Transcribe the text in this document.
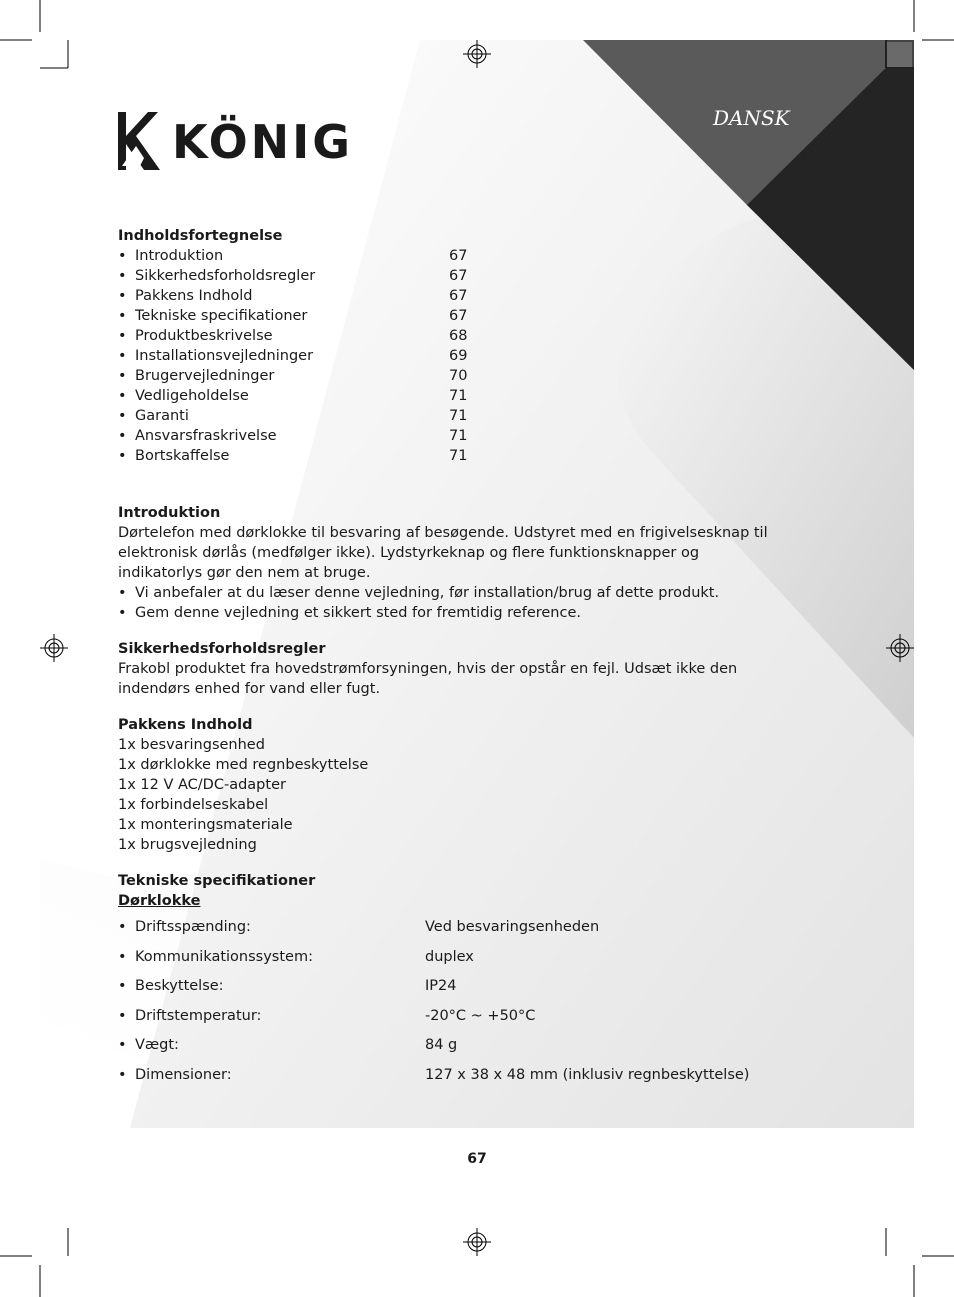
KÖNIG	DANSK

Indholdsfortegnelse

• Introduktion	67
• Sikkerhedsforholdsregler	67
• Pakkens Indhold	67
• Tekniske specifikationer	67
• Produktbeskrivelse	68
• Installationsvejledninger	69
• Brugervejledninger	70
• Vedligeholdelse	71
• Garanti	71
• Ansvarsfraskrivelse	71
• Bortskaffelse	71

Introduktion

Dørtelefon med dørklokke til besvaring af besøgende. Udstyret med en frigivelsesknap til elektronisk dørlås (medfølger ikke). Lydstyrkeknap og flere funktionsknapper og indikatorlys gør den nem at bruge.

• Vi anbefaler at du læser denne vejledning, før installation/brug af dette produkt.
• Gem denne vejledning et sikkert sted for fremtidig reference.

Sikkerhedsforholdsregler

Frakobl produktet fra hovedstrømforsyningen, hvis der opstår en fejl. Udsæt ikke den indendørs enhed for vand eller fugt.

Pakkens Indhold

1x besvaringsenhed

1x dørklokke med regnbeskyttelse

1x 12 V AC/DC-adapter

1x forbindelseskabel

1x monteringsmateriale

1x brugsvejledning

Tekniske specifikationer

Dørklokke

• Driftsspænding:	Ved besvaringsenheden
• Kommunikationssystem:	duplex
• Beskyttelse:	IP24
• Driftstemperatur:	-20°C ~ +50°C
• Vægt:	84 g
• Dimensioner:	127 x 38 x 48 mm (inklusiv regnbeskyttelse)
67
